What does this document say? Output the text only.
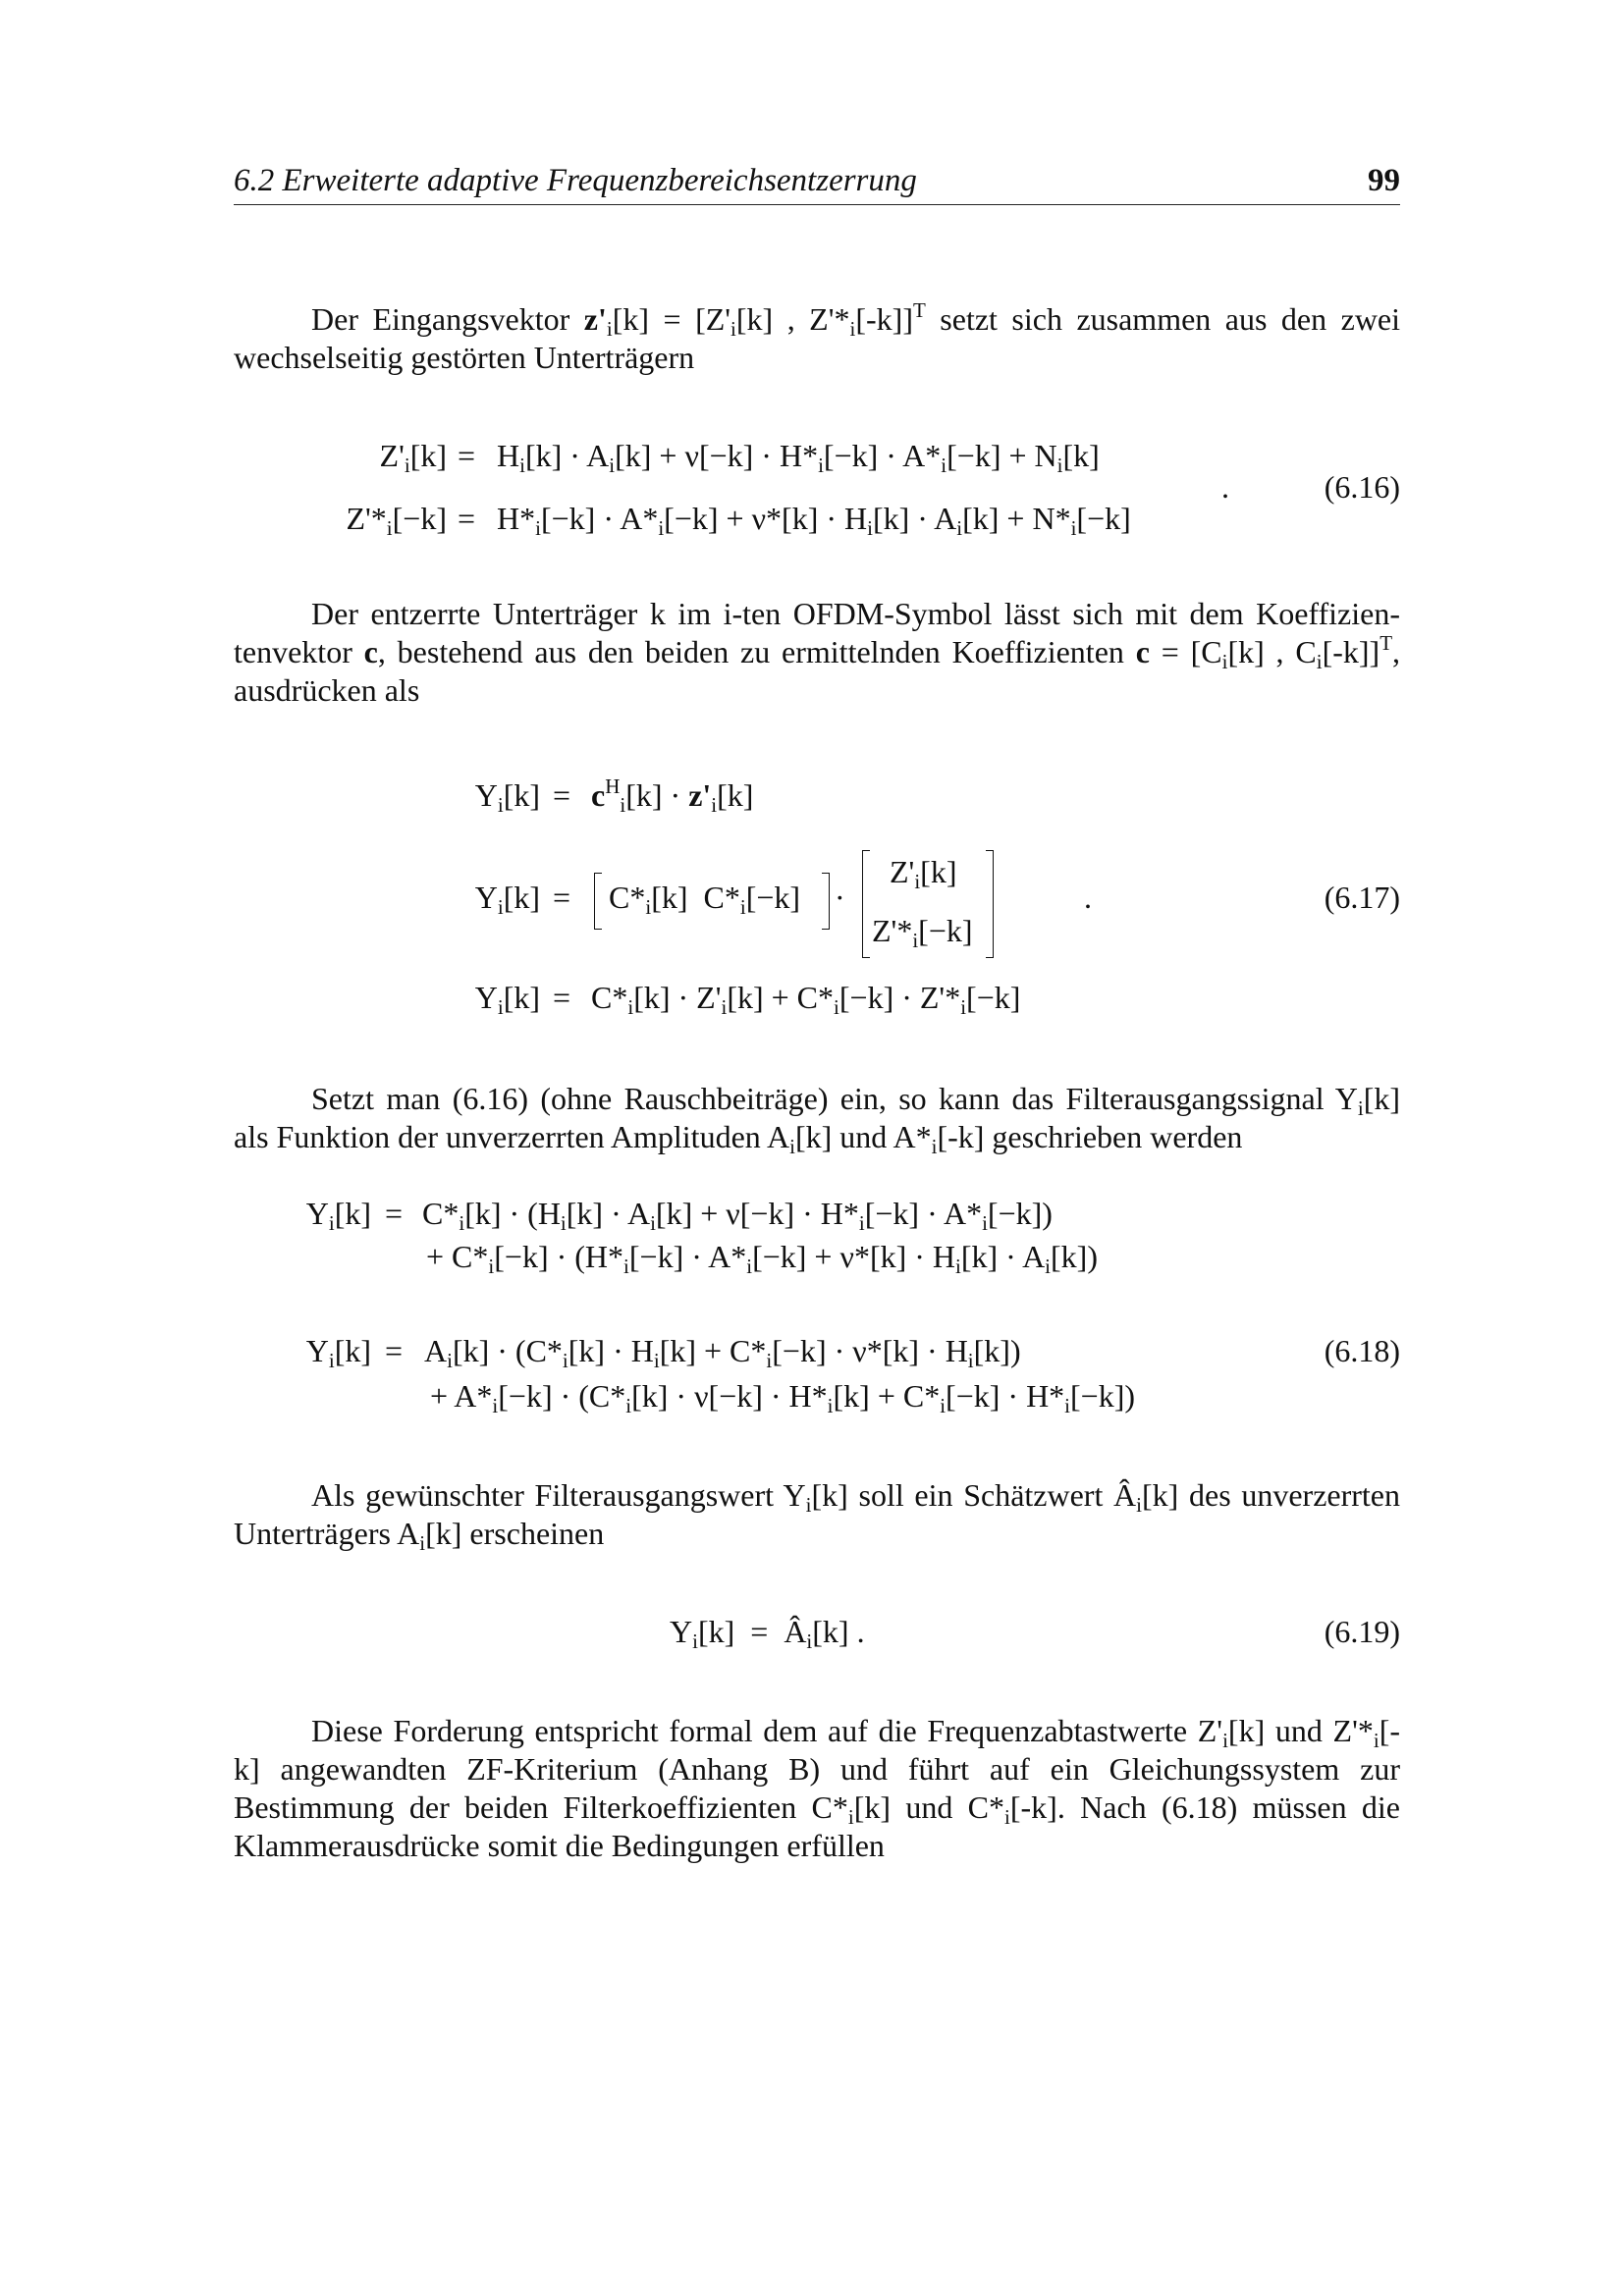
6.2 Erweiterte adaptive Frequenzbereichsentzerrung	99
Der Eingangsvektor $z'_i[k] = [Z'_i[k]$ , $Z'*_i[-k]]^T$ setzt sich zusammen aus den zwei wechselseitig gestörten Unterträgern
$Z'_i[k] = H_i[k] \cdot A_i[k] + \nu[-k] \cdot H*_i[-k] \cdot A*_i[-k] + N_i[k]$
$Z'*_i[-k] = H*_i[-k] \cdot A*_i[-k] + \nu*[k] \cdot H_i[k] \cdot A_i[k] + N*_i[-k]$
.	(6.16)
Der entzerrte Unterträger k im i-ten OFDM-Symbol lässt sich mit dem Koeffizientenvektor c, bestehend aus den beiden zu ermittelnden Koeffizienten $c = [C_i[k]$ , $C_i[-k]]^T$, ausdrücken als
$Y_i[k] = c^H_i[k] \cdot z'_i[k]$
$Y_i[k] = C*_i[k] C*_i[-k]$ ·
$Z'_i[k]$
$Z'*_i[-k]$
.	(6.17)
$Y_i[k] = C*_i[k] \cdot Z'_i[k] + C*_i[-k] \cdot Z'*_i[-k]$
Setzt man (6.16) (ohne Rauschbeiträge) ein, so kann das Filterausgangssignal $Y_i[k]$ als Funktion der unverzerrten Amplituden $A_i[k]$ und $A*_i[-k]$ geschrieben werden
$Y_i[k] = C*_i[k] \cdot (H_i[k] \cdot A_i[k] + \nu[-k] \cdot H*_i[-k] \cdot A*_i[-k])$
+ $C*_i[-k] \cdot (H*_i[-k] \cdot A*_i[-k] + \nu*[k] \cdot H_i[k] \cdot A_i[k])$
$Y_i[k] = A_i[k] \cdot (C*_i[k] \cdot H_i[k] + C*_i[-k] \cdot \nu*[k] \cdot H_i[k])$
+ $A*_i[-k] \cdot (C*_i[k] \cdot \nu[-k] \cdot H*_i[k] + C*_i[-k] \cdot H*_i[-k])$
(6.18)
Als gewünschter Filterausgangswert $Y_i[k]$ soll ein Schätzwert $Â_i[k]$ des unverzerrten Unterträgers $A_i[k]$ erscheinen
$Y_i[k]$  =  $Â_i[k]$ .	(6.19)
Diese Forderung entspricht formal dem auf die Frequenzabtastwerte $Z'_i[k]$ und $Z'*_i[-k]$ angewandten ZF-Kriterium (Anhang B) und führt auf ein Gleichungssystem zur Bestimmung der beiden Filterkoeffizienten $C*_i[k]$ und $C*_i[-k]$. Nach (6.18) müssen die Klammerausdrücke somit die Bedingungen erfüllen
